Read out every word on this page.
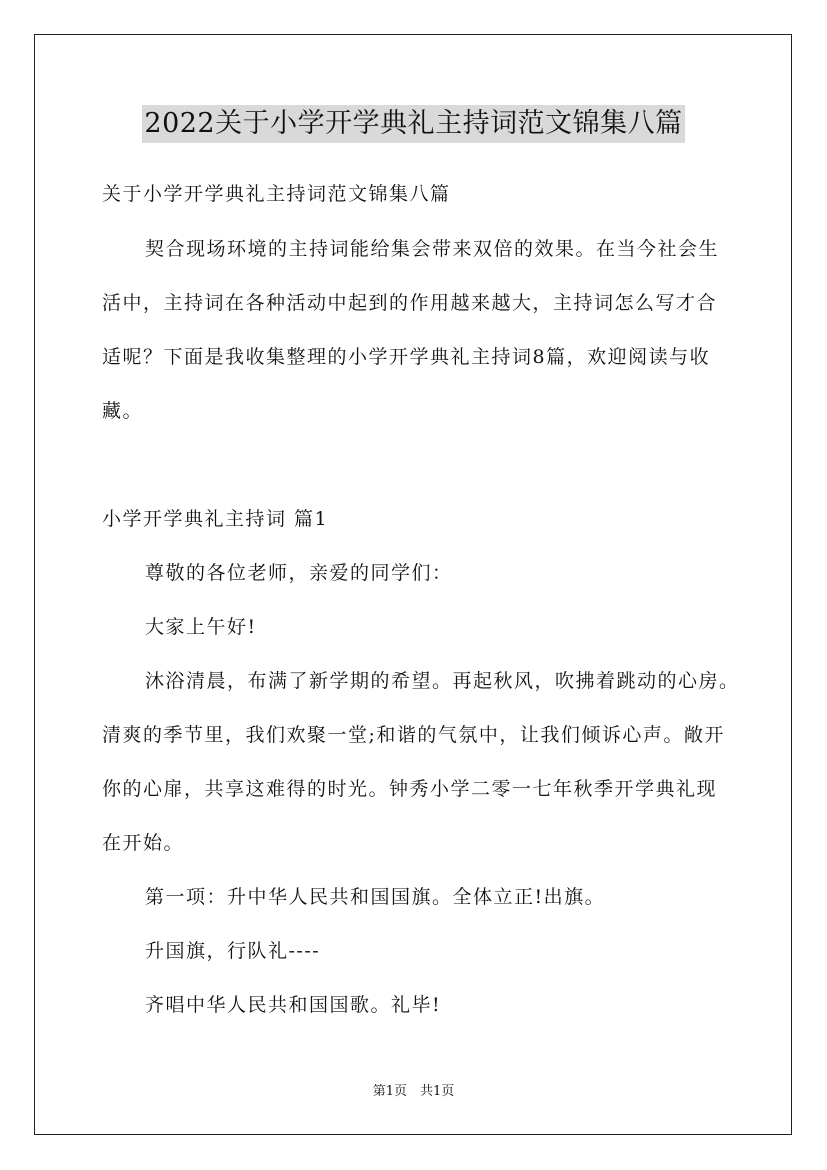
2022关于小学开学典礼主持词范文锦集八篇

关于小学开学典礼主持词范文锦集八篇

契合现场环境的主持词能给集会带来双倍的效果。在当今社会生

活中，主持词在各种活动中起到的作用越来越大，主持词怎么写才合

适呢？下面是我收集整理的小学开学典礼主持词8篇，欢迎阅读与收

藏。

小学开学典礼主持词 篇1

尊敬的各位老师，亲爱的同学们：

大家上午好!

沐浴清晨，布满了新学期的希望。再起秋风，吹拂着跳动的心房。

清爽的季节里，我们欢聚一堂;和谐的气氛中，让我们倾诉心声。敞开

你的心扉，共享这难得的时光。钟秀小学二零一七年秋季开学典礼现

在开始。

第一项：升中华人民共和国国旗。全体立正!出旗。

升国旗，行队礼----

齐唱中华人民共和国国歌。礼毕!

第1页　共1页
